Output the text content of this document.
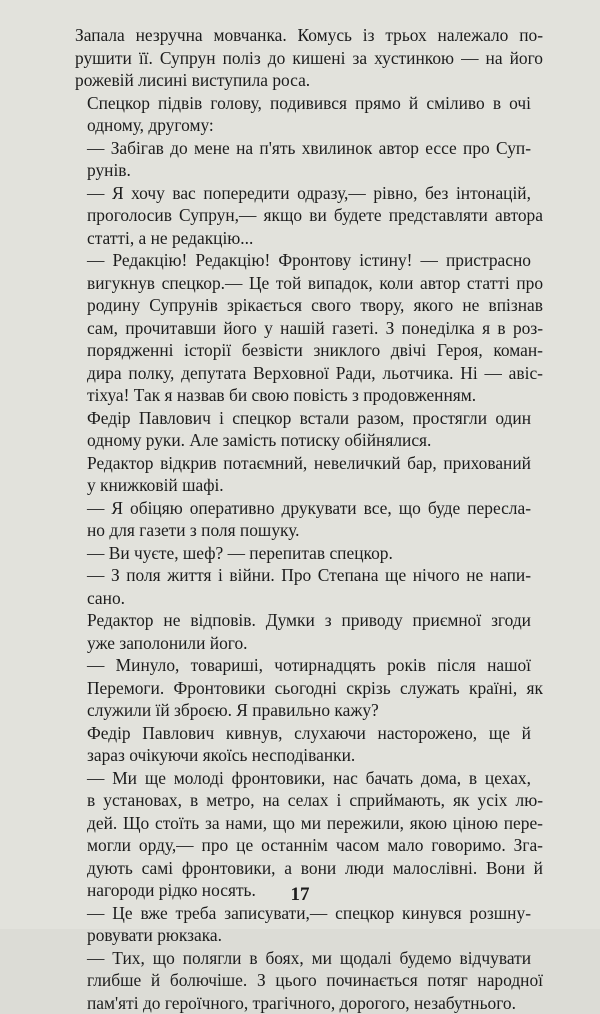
Запала незручна мовчанка. Комусь із трьох належало по-
рушити її. Супрун поліз до кишені за хустинкою — на його
рожевій лисині виступила роса.

Спецкор підвів голову, подивився прямо й сміливо в очі
одному, другому:

— Забігав до мене на п'ять хвилинок автор ессе про Суп-
рунів.

— Я хочу вас попередити одразу,— рівно, без інтонацій,
проголосив Супрун,— якщо ви будете представляти автора
статті, а не редакцію...

— Редакцію! Редакцію! Фронтову істину! — пристрасно
вигукнув спецкор.— Це той випадок, коли автор статті про
родину Супрунів зрікається свого твору, якого не впізнав
сам, прочитавши його у нашій газеті. З понеділка я в роз-
порядженні історії безвісти зниклого двічі Героя, коман-
дира полку, депутата Верховної Ради, льотчика. Ні — авіс-
тіхуа! Так я назвав би свою повість з продовженням.

Федір Павлович і спецкор встали разом, простягли один
одному руки. Але замість потиску обійнялися.

Редактор відкрив потаємний, невеличкий бар, прихований
у книжковій шафі.

— Я обіцяю оперативно друкувати все, що буде пересла-
но для газети з поля пошуку.

— Ви чуєте, шеф? — перепитав спецкор.

— З поля життя і війни. Про Степана ще нічого не напи-
сано.

Редактор не відповів. Думки з приводу приємної згоди
уже заполонили його.

— Минуло, товариші, чотирнадцять років після нашої
Перемоги. Фронтовики сьогодні скрізь служать країні, як
служили їй зброєю. Я правильно кажу?

Федір Павлович кивнув, слухаючи насторожено, ще й
зараз очікуючи якоїсь несподіванки.

— Ми ще молоді фронтовики, нас бачать дома, в цехах,
в установах, в метро, на селах і сприймають, як усіх лю-
дей. Що стоїть за нами, що ми пережили, якою ціною пере-
могли орду,— про це останнім часом мало говоримо. Зга-
дують самі фронтовики, а вони люди малослівні. Вони й
нагороди рідко носять.

— Це вже треба записувати,— спецкор кинувся розшну-
ровувати рюкзака.

— Тих, що полягли в боях, ми щодалі будемо відчувати
глибше й болючіше. З цього починається потяг народної
пам'яті до героїчного, трагічного, дорогого, незабутнього.

17
